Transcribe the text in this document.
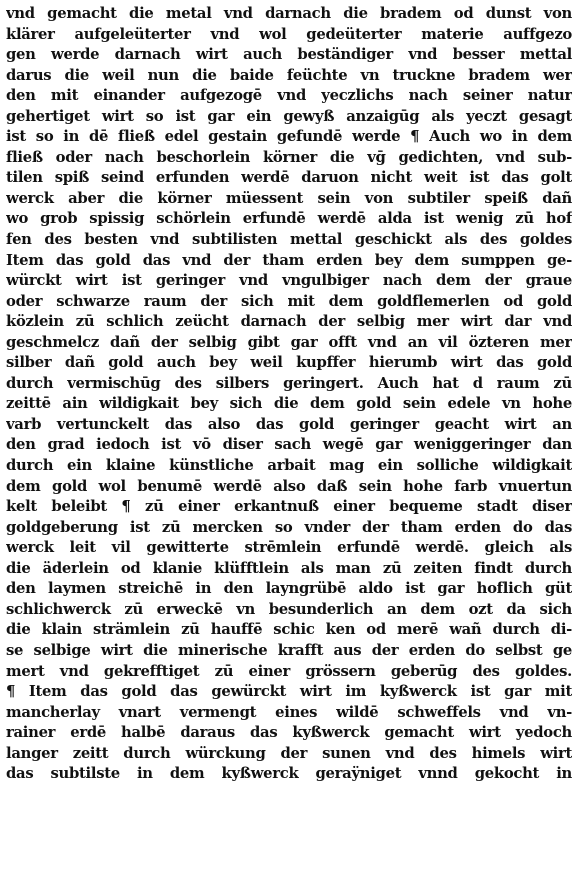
vnd gemacht die metal vnd darnach die bradem od dunst von
klärer aufgeleüterter vnd wol gedeüterter materie auffgezo
gen werde darnach wirt auch beständiger vnd besser mettal
darus die weil nun die baide feüchte vn truckne bradem wer
den mit einander aufgezogē vnd yeczlichs nach seiner natur
gehertiget wirt so ist gar ein gewyß anzaigūg als yeczt gesagt
ist so in dē fließ edel gestain gefundē werde ¶ Auch wo in dem
fließ oder nach beschorlein körner die vḡ gedichten, vnd sub-
tilen spiß seind erfunden werdē daruon nicht weit ist das golt
werck aber die körner müessent sein von subtiler speiß dañ
wo grob spissig schörlein erfundē werdē alda ist wenig zū hof
fen des besten vnd subtilisten mettal geschickt als des goldes
Item das gold das vnd der tham erden bey dem sumppen ge-
würckt wirt ist geringer vnd vngulbiger nach dem der graue
oder schwarze raum der sich mit dem goldflemerlen od gold
közlein zū schlich zeücht darnach der selbig mer wirt dar vnd
geschmelcz dañ der selbig gibt gar offt vnd an vil özteren mer
silber dañ gold auch bey weil kupffer hierumb wirt das gold
durch vermischūg des silbers geringert. Auch hat d raum zū
zeittē ain wildigkait bey sich die dem gold sein edele vn hohe
varb vertunckelt das also das gold geringer geacht wirt an
den grad iedoch ist vō diser sach wegē gar weniggeringer dan
durch ein klaine künstliche arbait mag ein solliche wildigkait
dem gold wol benumē werdē also daß sein hohe farb vnuertun
kelt beleibt ¶ zū einer erkantnuß einer bequeme stadt diser
goldgeberung ist zū mercken so vnder der tham erden do das
werck leit vil gewitterte strēmlein erfundē werdē. gleich als
die äderlein od klanie klüfftlein als man zū zeiten findt durch
den laymen streichē in den layngrübē aldo ist gar hoflich güt
schlichwerck zū erweckē vn besunderlich an dem ozt da sich
die klain strämlein zū hauffē schic ken od merē wañ durch di-
se selbige wirt die minerische krafft aus der erden do selbst ge
mert vnd gekrefftiget zū einer grössern geberūg des goldes.
¶ Item das gold das gewürckt wirt im kyßwerck ist gar mit
mancherlay vnart vermengt eines wildē schweffels vnd vn-
rainer erdē halbē daraus das kyßwerck gemacht wirt yedoch
langer zeitt durch würckung der sunen vnd des himels wirt
das subtilste in dem kyßwerck geraÿniget vnnd gekocht in
